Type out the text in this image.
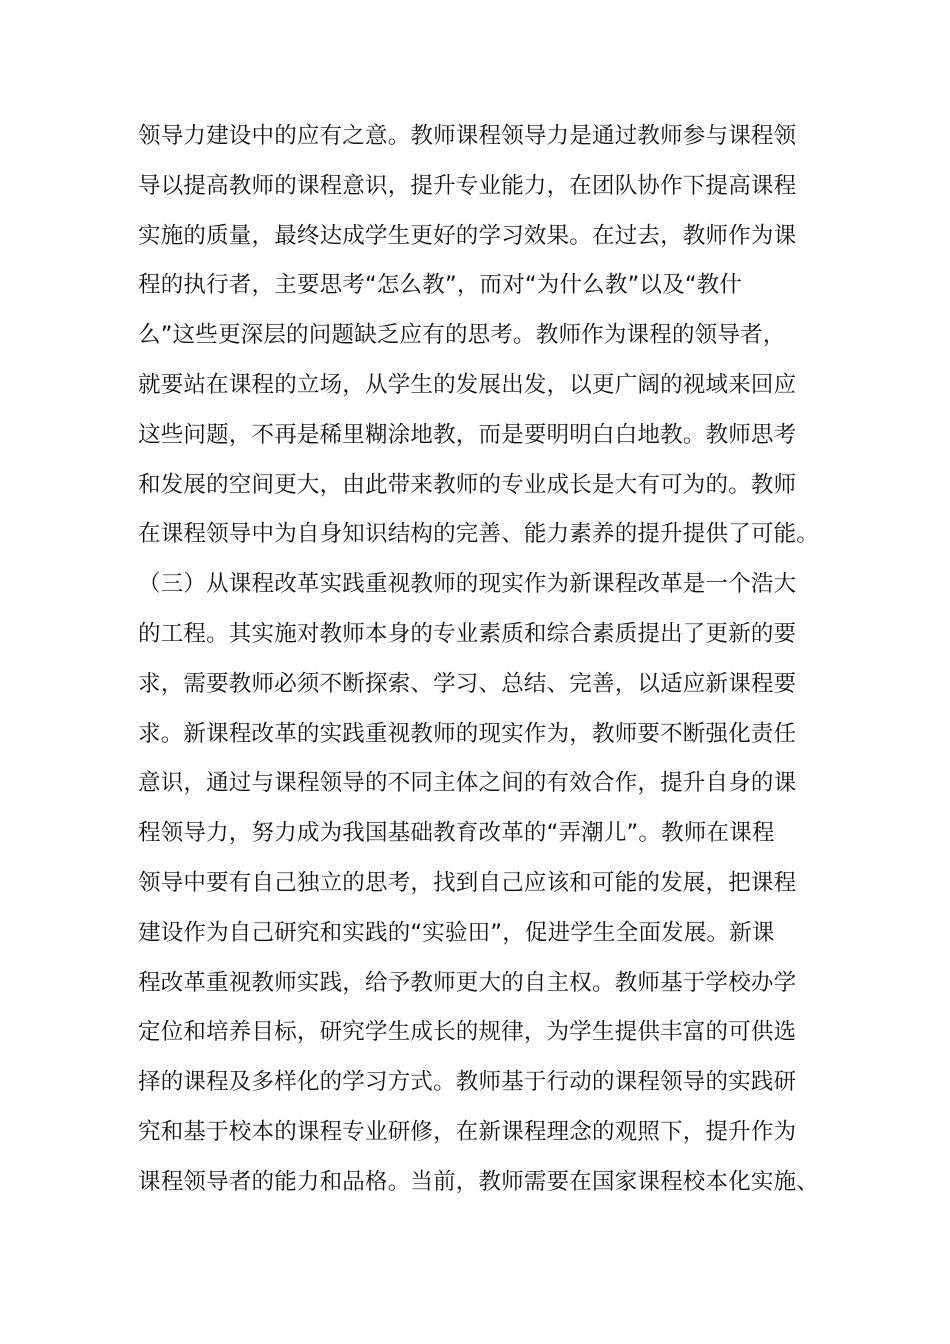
领导力建设中的应有之意。教师课程领导力是通过教师参与课程领
导以提高教师的课程意识，提升专业能力，在团队协作下提高课程
实施的质量，最终达成学生更好的学习效果。在过去，教师作为课
程的执行者，主要思考“怎么教”，而对“为什么教”以及“教什
么”这些更深层的问题缺乏应有的思考。教师作为课程的领导者，
就要站在课程的立场，从学生的发展出发，以更广阔的视域来回应
这些问题，不再是稀里糊涂地教，而是要明明白白地教。教师思考
和发展的空间更大，由此带来教师的专业成长是大有可为的。教师
在课程领导中为自身知识结构的完善、能力素养的提升提供了可能。
（三）从课程改革实践重视教师的现实作为新课程改革是一个浩大
的工程。其实施对教师本身的专业素质和综合素质提出了更新的要
求，需要教师必须不断探索、学习、总结、完善，以适应新课程要
求。新课程改革的实践重视教师的现实作为，教师要不断强化责任
意识，通过与课程领导的不同主体之间的有效合作，提升自身的课
程领导力，努力成为我国基础教育改革的“弄潮儿”。教师在课程
领导中要有自己独立的思考，找到自己应该和可能的发展，把课程
建设作为自己研究和实践的“实验田”，促进学生全面发展。新课
程改革重视教师实践，给予教师更大的自主权。教师基于学校办学
定位和培养目标，研究学生成长的规律，为学生提供丰富的可供选
择的课程及多样化的学习方式。教师基于行动的课程领导的实践研
究和基于校本的课程专业研修，在新课程理念的观照下，提升作为
课程领导者的能力和品格。当前，教师需要在国家课程校本化实施、
